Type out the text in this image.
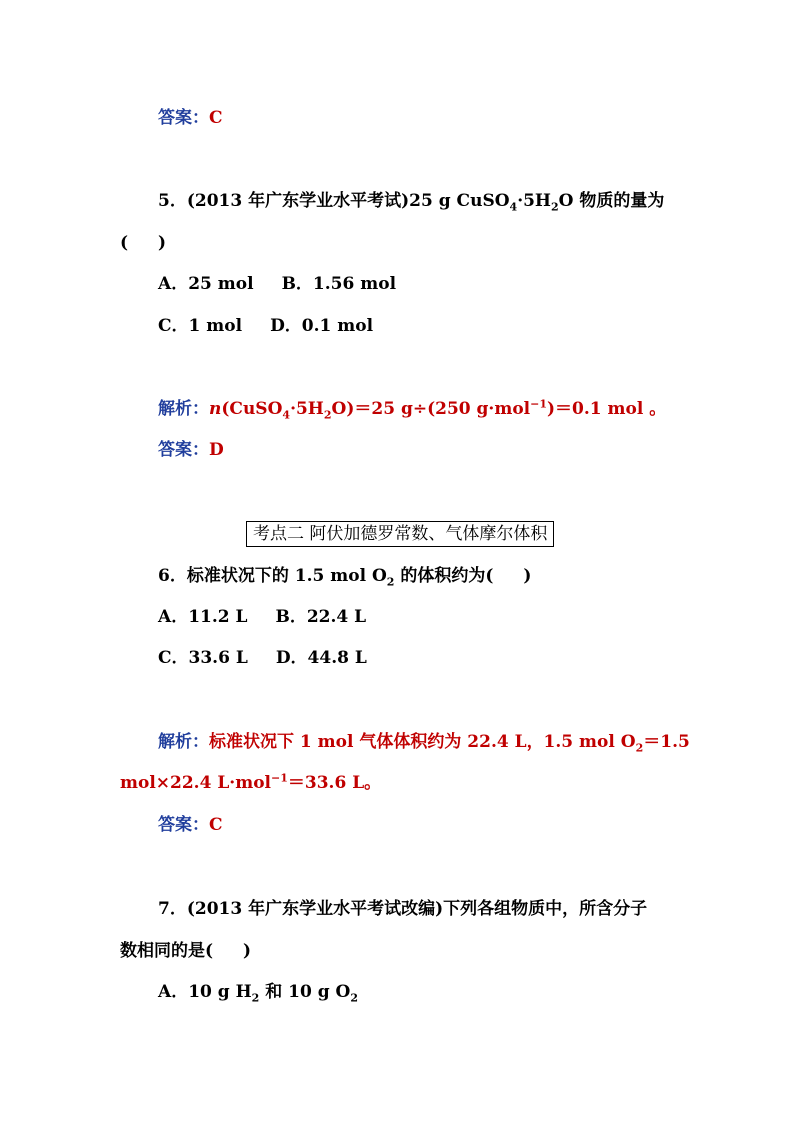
答案：C
5．(2013 年广东学业水平考试)25 g $CuSO_4\cdot 5H_2O$ 物质的量为
( )
A．25 mol B．1.56 mol
C．1 mol D．0.1 mol
解析：$n(CuSO_4\cdot 5H_2O)=25$ g÷(250 g·mol$^{-1}$)＝0.1 mol 。
答案：D
考点二 阿伏加德罗常数、气体摩尔体积
6．标准状况下的 1.5 mol $O_2$ 的体积约为( )
A．11.2 L B．22.4 L
C．33.6 L D．44.8 L
解析：标准状况下 1 mol 气体体积约为 22.4 L，1.5 mol $O_2=1.5$
mol×22.4 L·mol$^{-1}$＝33.6 L。
答案：C
7．(2013 年广东学业水平考试改编)下列各组物质中，所含分子
数相同的是( )
A．10 g $H_2$ 和 10 g $O_2$
